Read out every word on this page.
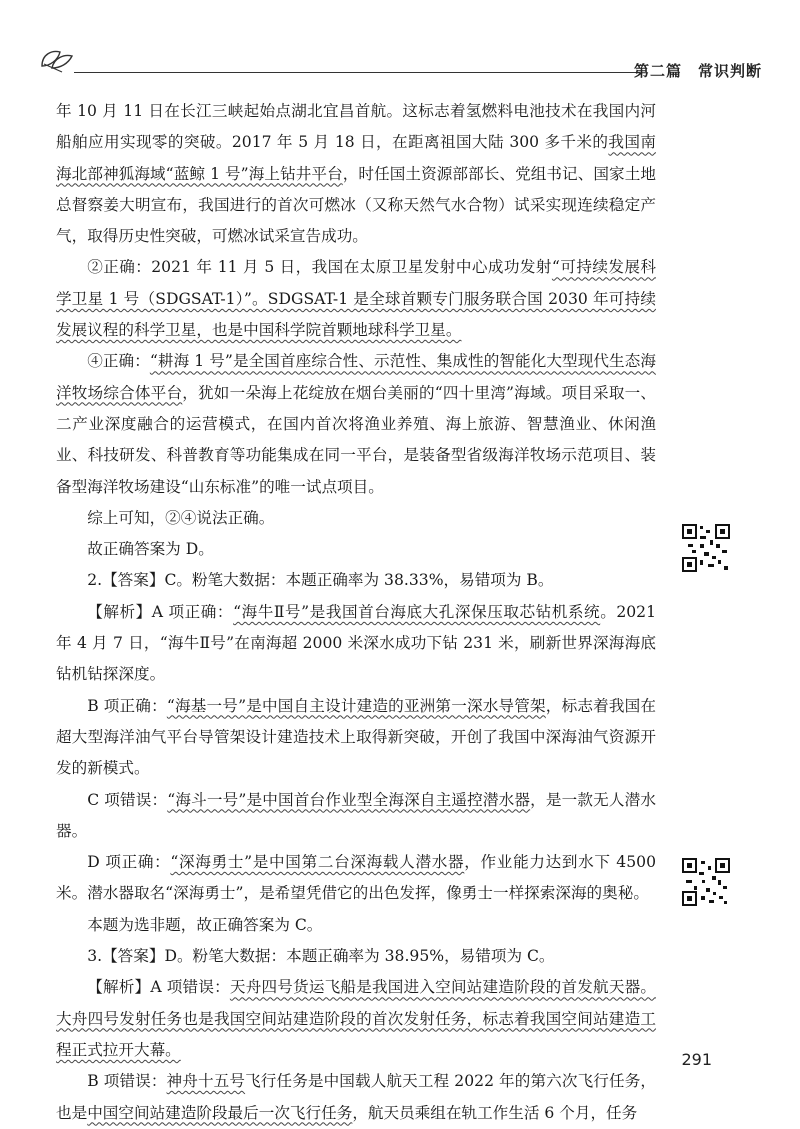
第二篇　常识判断

年 10 月 11 日在长江三峡起始点湖北宜昌首航。这标志着氢燃料电池技术在我国内河船舶应用实现零的突破。2017 年 5 月 18 日，在距离祖国大陆 300 多千米的我国南海北部神狐海域“蓝鲸 1 号”海上钻井平台，时任国土资源部部长、党组书记、国家土地总督察姜大明宣布，我国进行的首次可燃冰（又称天然气水合物）试采实现连续稳定产气，取得历史性突破，可燃冰试采宣告成功。

②正确：2021 年 11 月 5 日，我国在太原卫星发射中心成功发射“可持续发展科学卫星 1 号（SDGSAT-1）”。SDGSAT-1 是全球首颗专门服务联合国 2030 年可持续发展议程的科学卫星，也是中国科学院首颗地球科学卫星。

④正确：“耕海 1 号”是全国首座综合性、示范性、集成性的智能化大型现代生态海洋牧场综合体平台，犹如一朵海上花绽放在烟台美丽的“四十里湾”海域。项目采取一、二产业深度融合的运营模式，在国内首次将渔业养殖、海上旅游、智慧渔业、休闲渔业、科技研发、科普教育等功能集成在同一平台，是装备型省级海洋牧场示范项目、装备型海洋牧场建设“山东标准”的唯一试点项目。

综上可知，②④说法正确。

故正确答案为 D。

2.【答案】C。粉笔大数据：本题正确率为 38.33%，易错项为 B。

【解析】A 项正确：“海牛Ⅱ号”是我国首台海底大孔深保压取芯钻机系统。2021 年 4 月 7 日，“海牛Ⅱ号”在南海超 2000 米深水成功下钻 231 米，刷新世界深海海底钻机钻探深度。

B 项正确：“海基一号”是中国自主设计建造的亚洲第一深水导管架，标志着我国在超大型海洋油气平台导管架设计建造技术上取得新突破，开创了我国中深海油气资源开发的新模式。

C 项错误：“海斗一号”是中国首台作业型全海深自主遥控潜水器，是一款无人潜水器。

D 项正确：“深海勇士”是中国第二台深海载人潜水器，作业能力达到水下 4500 米。潜水器取名“深海勇士”，是希望凭借它的出色发挥，像勇士一样探索深海的奥秘。

本题为选非题，故正确答案为 C。

3.【答案】D。粉笔大数据：本题正确率为 38.95%，易错项为 C。

【解析】A 项错误：天舟四号货运飞船是我国进入空间站建造阶段的首发航天器。大舟四号发射任务也是我国空间站建造阶段的首次发射任务，标志着我国空间站建造工程正式拉开大幕。

B 项错误：神舟十五号飞行任务是中国载人航天工程 2022 年的第六次飞行任务，也是中国空间站建造阶段最后一次飞行任务，航天员乘组在轨工作生活 6 个月，任务

291
